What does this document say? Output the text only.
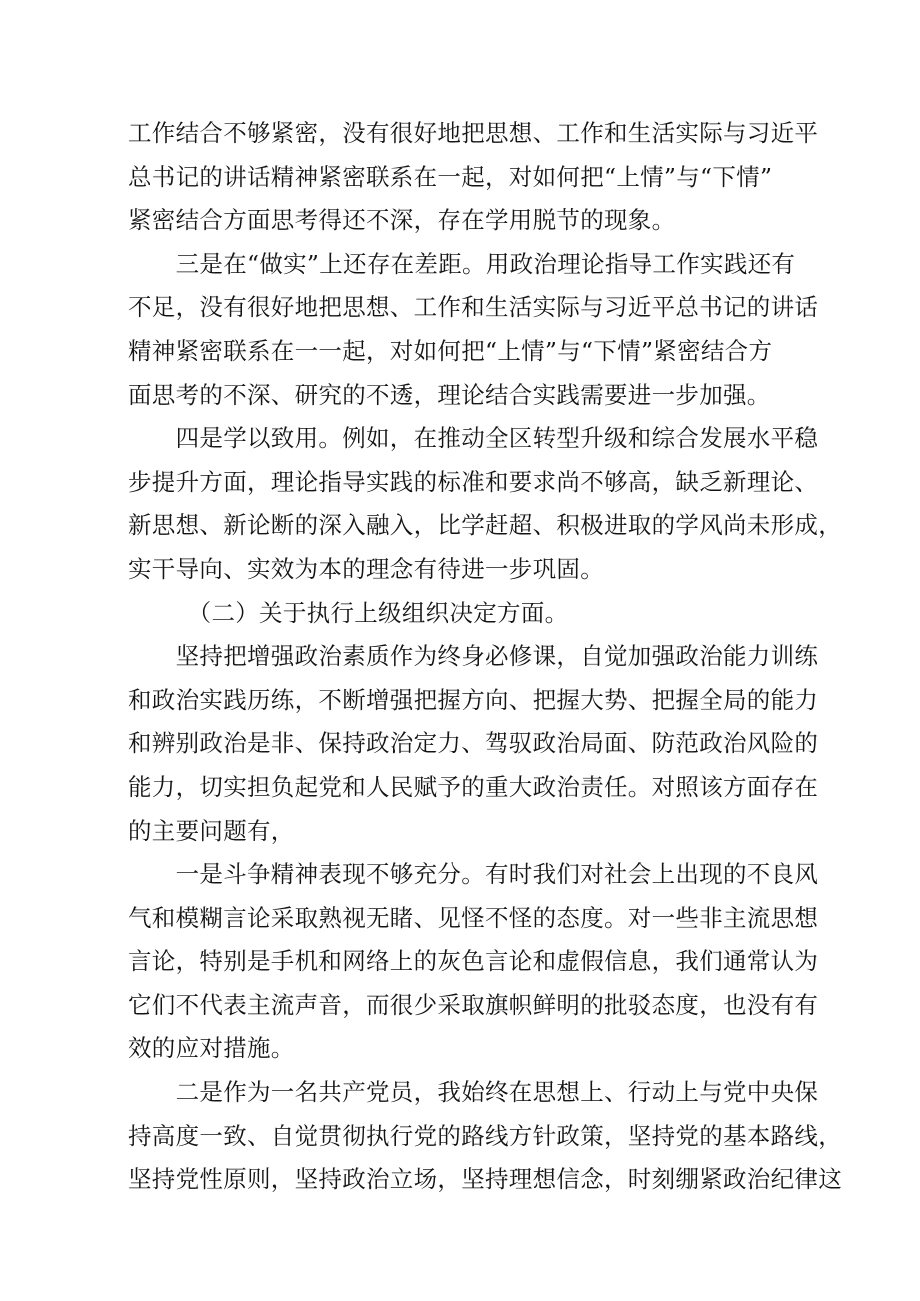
工作结合不够紧密，没有很好地把思想、工作和生活实际与习近平
总书记的讲话精神紧密联系在一起，对如何把“上情”与“下情”
紧密结合方面思考得还不深，存在学用脱节的现象。
　　三是在“做实”上还存在差距。用政治理论指导工作实践还有
不足，没有很好地把思想、工作和生活实际与习近平总书记的讲话
精神紧密联系在一一起，对如何把“上情”与“下情”紧密结合方
面思考的不深、研究的不透，理论结合实践需要进一步加强。
　　四是学以致用。例如，在推动全区转型升级和综合发展水平稳
步提升方面，理论指导实践的标准和要求尚不够高，缺乏新理论、
新思想、新论断的深入融入，比学赶超、积极进取的学风尚未形成，
实干导向、实效为本的理念有待进一步巩固。
　　　（二）关于执行上级组织决定方面。
　　坚持把增强政治素质作为终身必修课，自觉加强政治能力训练
和政治实践历练，不断增强把握方向、把握大势、把握全局的能力
和辨别政治是非、保持政治定力、驾驭政治局面、防范政治风险的
能力，切实担负起党和人民赋予的重大政治责任。对照该方面存在
的主要问题有，
　　一是斗争精神表现不够充分。有时我们对社会上出现的不良风
气和模糊言论采取熟视无睹、见怪不怪的态度。对一些非主流思想
言论，特别是手机和网络上的灰色言论和虚假信息，我们通常认为
它们不代表主流声音，而很少采取旗帜鲜明的批驳态度，也没有有
效的应对措施。
　　二是作为一名共产党员，我始终在思想上、行动上与党中央保
持高度一致、自觉贯彻执行党的路线方针政策，坚持党的基本路线，
坚持党性原则，坚持政治立场，坚持理想信念，时刻绷紧政治纪律这
